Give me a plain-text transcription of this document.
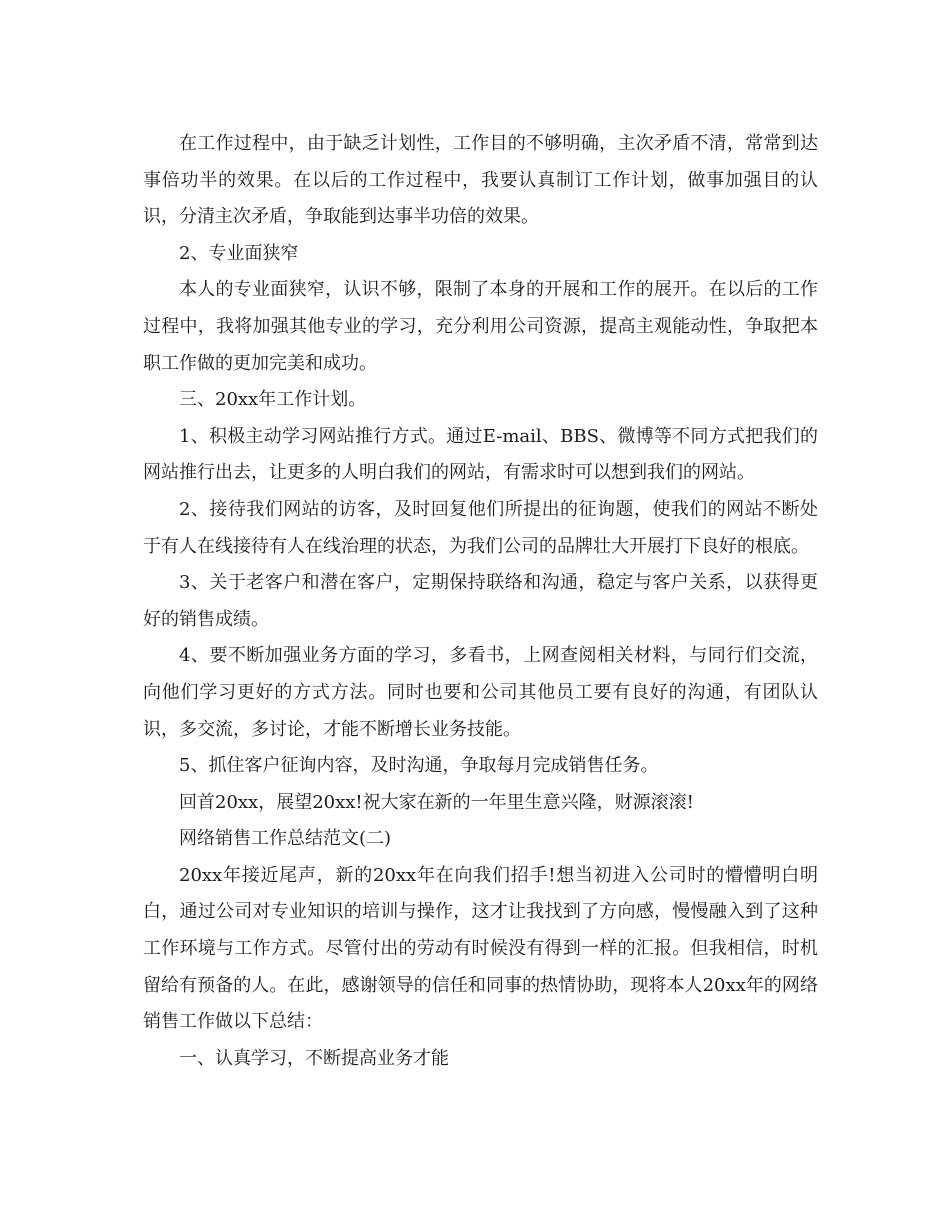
在工作过程中，由于缺乏计划性，工作目的不够明确，主次矛盾不清，常常到达事倍功半的效果。在以后的工作过程中，我要认真制订工作计划，做事加强目的认识，分清主次矛盾，争取能到达事半功倍的效果。

2、专业面狭窄

本人的专业面狭窄，认识不够，限制了本身的开展和工作的展开。在以后的工作过程中，我将加强其他专业的学习，充分利用公司资源，提高主观能动性，争取把本职工作做的更加完美和成功。

三、20xx年工作计划。

1、积极主动学习网站推行方式。通过E-mail、BBS、微博等不同方式把我们的网站推行出去，让更多的人明白我们的网站，有需求时可以想到我们的网站。

2、接待我们网站的访客，及时回复他们所提出的征询题，使我们的网站不断处于有人在线接待有人在线治理的状态，为我们公司的品牌壮大开展打下良好的根底。

3、关于老客户和潜在客户，定期保持联络和沟通，稳定与客户关系，以获得更好的销售成绩。

4、要不断加强业务方面的学习，多看书，上网查阅相关材料，与同行们交流，向他们学习更好的方式方法。同时也要和公司其他员工要有良好的沟通，有团队认识，多交流，多讨论，才能不断增长业务技能。

5、抓住客户征询内容，及时沟通，争取每月完成销售任务。

回首20xx，展望20xx!祝大家在新的一年里生意兴隆，财源滚滚!

网络销售工作总结范文(二)

20xx年接近尾声，新的20xx年在向我们招手!想当初进入公司时的懵懵明白明白，通过公司对专业知识的培训与操作，这才让我找到了方向感，慢慢融入到了这种工作环境与工作方式。尽管付出的劳动有时候没有得到一样的汇报。但我相信，时机留给有预备的人。在此，感谢领导的信任和同事的热情协助，现将本人20xx年的网络销售工作做以下总结：

一、认真学习，不断提高业务才能
